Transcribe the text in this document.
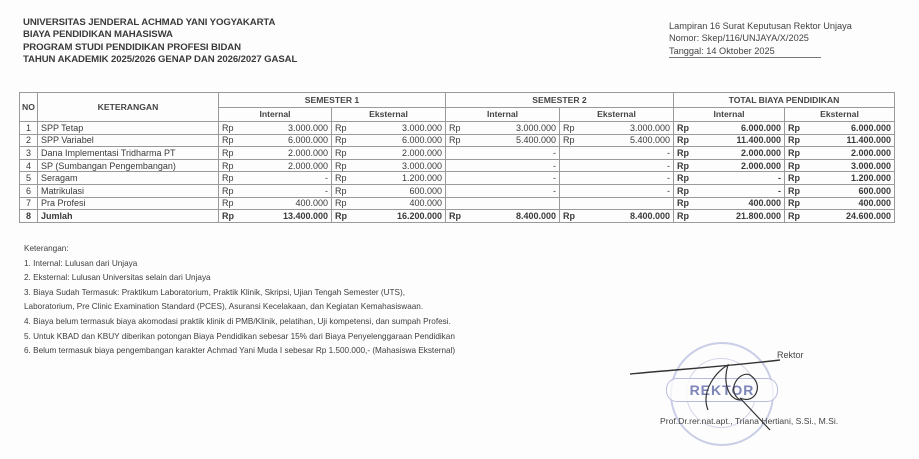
UNIVERSITAS JENDERAL ACHMAD YANI YOGYAKARTA
BIAYA PENDIDIKAN MAHASISWA
PROGRAM STUDI PENDIDIKAN PROFESI BIDAN
TAHUN AKADEMIK 2025/2026 GENAP DAN 2026/2027 GASAL
Lampiran 16 Surat Keputusan Rektor Unjaya
Nomor: Skep/116/UNJAYA/X/2025
Tanggal: 14 Oktober 2025
NO	KETERANGAN	SEMESTER 1		SEMESTER 2		TOTAL BIAYA PENDIDIKAN	
		Internal	Eksternal	Internal	Eksternal	Internal	Eksternal
1	SPP Tetap	Rp 3.000.000	Rp 3.000.000	Rp 3.000.000	Rp 3.000.000	Rp 6.000.000	Rp 6.000.000

2	SPP Variabel	Rp 6.000.000	Rp 6.000.000	Rp 5.400.000	Rp 5.400.000	Rp 11.400.000	Rp 11.400.000

3	Dana Implementasi Tridharma PT	Rp 2.000.000	Rp 2.000.000	-	-	Rp 2.000.000	Rp 2.000.000

4	SP (Sumbangan Pengembangan)	Rp 2.000.000	Rp 3.000.000	-	-	Rp 2.000.000	Rp 3.000.000

5	Seragam	Rp -	Rp 1.200.000	-	-	Rp -	Rp 1.200.000

6	Matrikulasi	Rp -	Rp 600.000	-	-	Rp -	Rp 600.000

7	Pra Profesi	Rp 400.000	Rp 400.000			Rp 400.000	Rp 400.000

8	Jumlah	Rp 13.400.000	Rp 16.200.000	Rp 8.400.000	Rp 8.400.000	Rp 21.800.000	Rp 24.600.000
Keterangan:
1. Internal: Lulusan dari Unjaya
2. Eksternal: Lulusan Universitas selain dari Unjaya
3. Biaya Sudah Termasuk: Praktikum Laboratorium, Praktik Klinik, Skripsi, Ujian Tengah Semester (UTS),
Laboratorium, Pre Clinic Examination Standard (PCES), Asuransi Kecelakaan, dan Kegiatan Kemahasiswaan.
4. Biaya belum termasuk biaya akomodasi praktik klinik di PMB/Klinik, pelatihan, Uji kompetensi, dan sumpah Profesi.
5. Untuk KBAD dan KBUY diberikan potongan Biaya Pendidikan sebesar 15% dari Biaya Penyelenggaraan Pendidikan
6. Belum termasuk biaya pengembangan karakter Achmad Yani Muda I sebesar Rp 1.500.000,- (Mahasiswa Eksternal)
REKTOR
Rektor
Prof.Dr.rer.nat.apt., Triana Hertiani, S.Si., M.Si.
